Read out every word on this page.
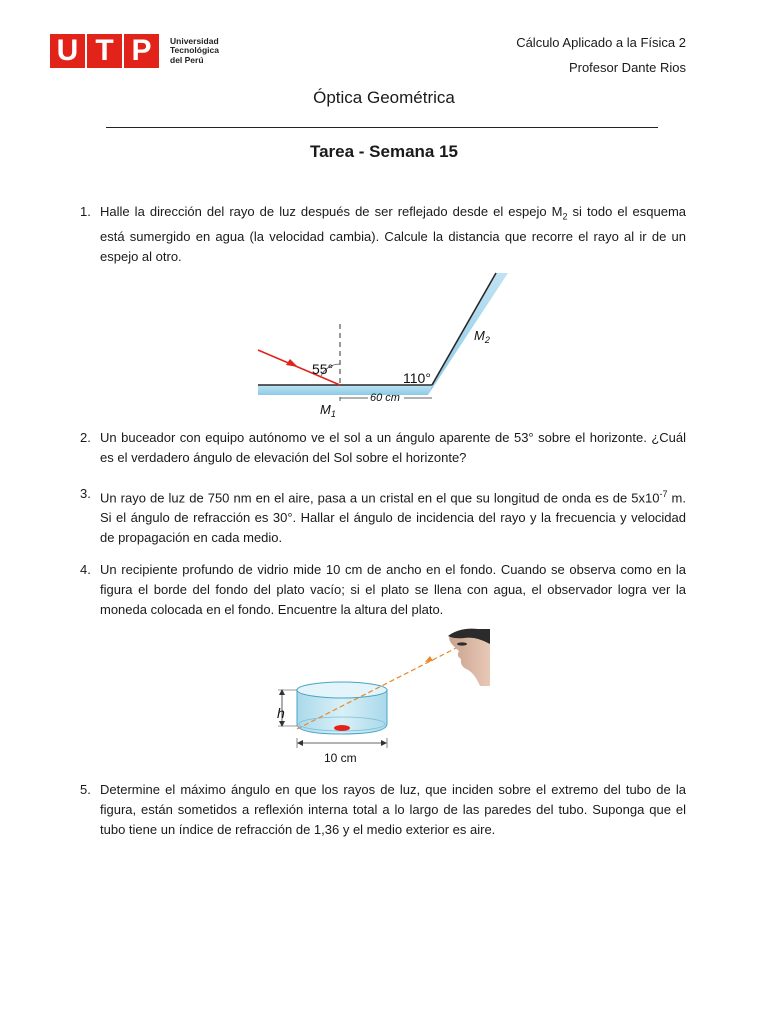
U T P	Universidad
Tecnológica
del Perú
Cálculo Aplicado a la Física 2
Profesor Dante Rios
Óptica Geométrica
Tarea - Semana 15
1. Halle la dirección del rayo de luz después de ser reflejado desde el espejo $M_2$ si todo el esquema está sumergido en agua (la velocidad cambia). Calcule la distancia que recorre el rayo al ir de un espejo al otro.
55°
110°
60 cm
$M_1$
$M_2$
2. Un buceador con equipo autónomo ve el sol a un ángulo aparente de 53° sobre el horizonte. ¿Cuál es el verdadero ángulo de elevación del Sol sobre el horizonte?
3. Un rayo de luz de 750 nm en el aire, pasa a un cristal en el que su longitud de onda es de $5x10^{-7}$ m. Si el ángulo de refracción es 30°. Hallar el ángulo de incidencia del rayo y la frecuencia y velocidad de propagación en cada medio.
4. Un recipiente profundo de vidrio mide 10 cm de ancho en el fondo. Cuando se observa como en la figura el borde del fondo del plato vacío; si el plato se llena con agua, el observador logra ver la moneda colocada en el fondo. Encuentre la altura del plato.
h
10 cm
5. Determine el máximo ángulo en que los rayos de luz, que inciden sobre el extremo del tubo de la figura, están sometidos a reflexión interna total a lo largo de las paredes del tubo. Suponga que el tubo tiene un índice de refracción de 1,36 y el medio exterior es aire.
